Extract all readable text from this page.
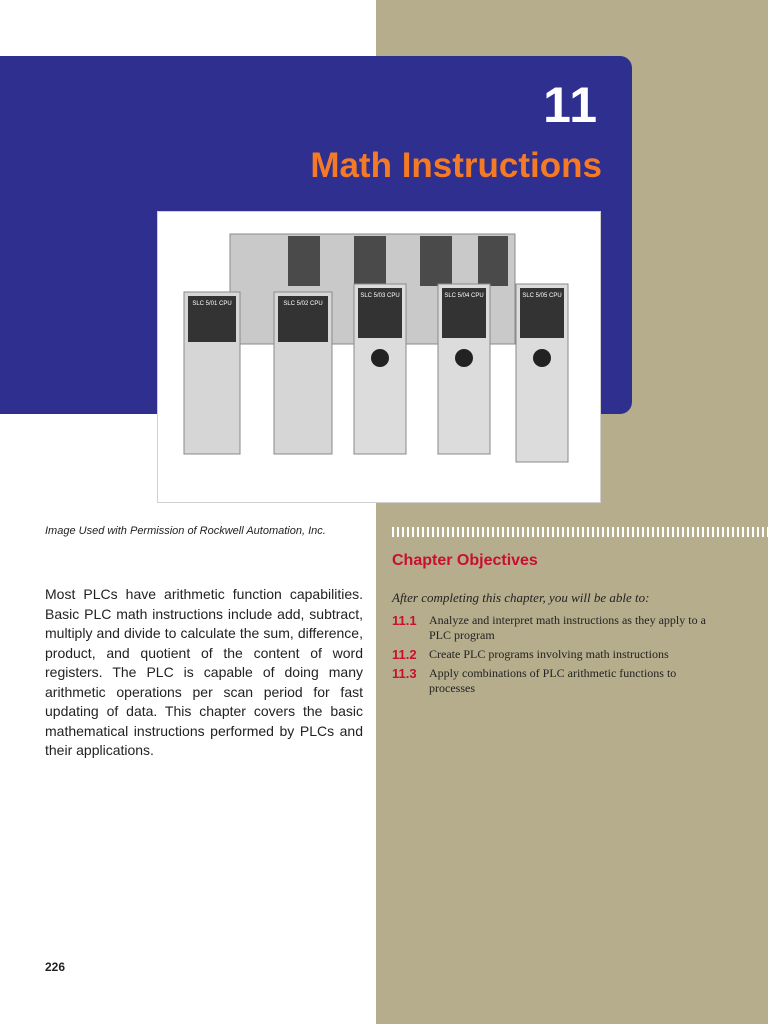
11
Math Instructions
SLC 5/01 CPU	SLC 5/02 CPU
SLC 5/03 CPU	SLC 5/04 CPU	SLC 5/05 CPU
Image Used with Permission of Rockwell Automation, Inc.

Most PLCs have arithmetic function capabilities. Basic PLC math instructions include add, subtract, multiply and divide to calculate the sum, difference, product, and quotient of the content of word registers. The PLC is capable of doing many arithmetic operations per scan period for fast updating of data. This chapter covers the basic mathematical instructions performed by PLCs and their applications.

226
Chapter Objectives
After completing this chapter, you will be able to:
11.1	Analyze and interpret math instructions as they apply to a PLC program
11.2	Create PLC programs involving math instructions
11.3	Apply combinations of PLC arithmetic functions to processes
